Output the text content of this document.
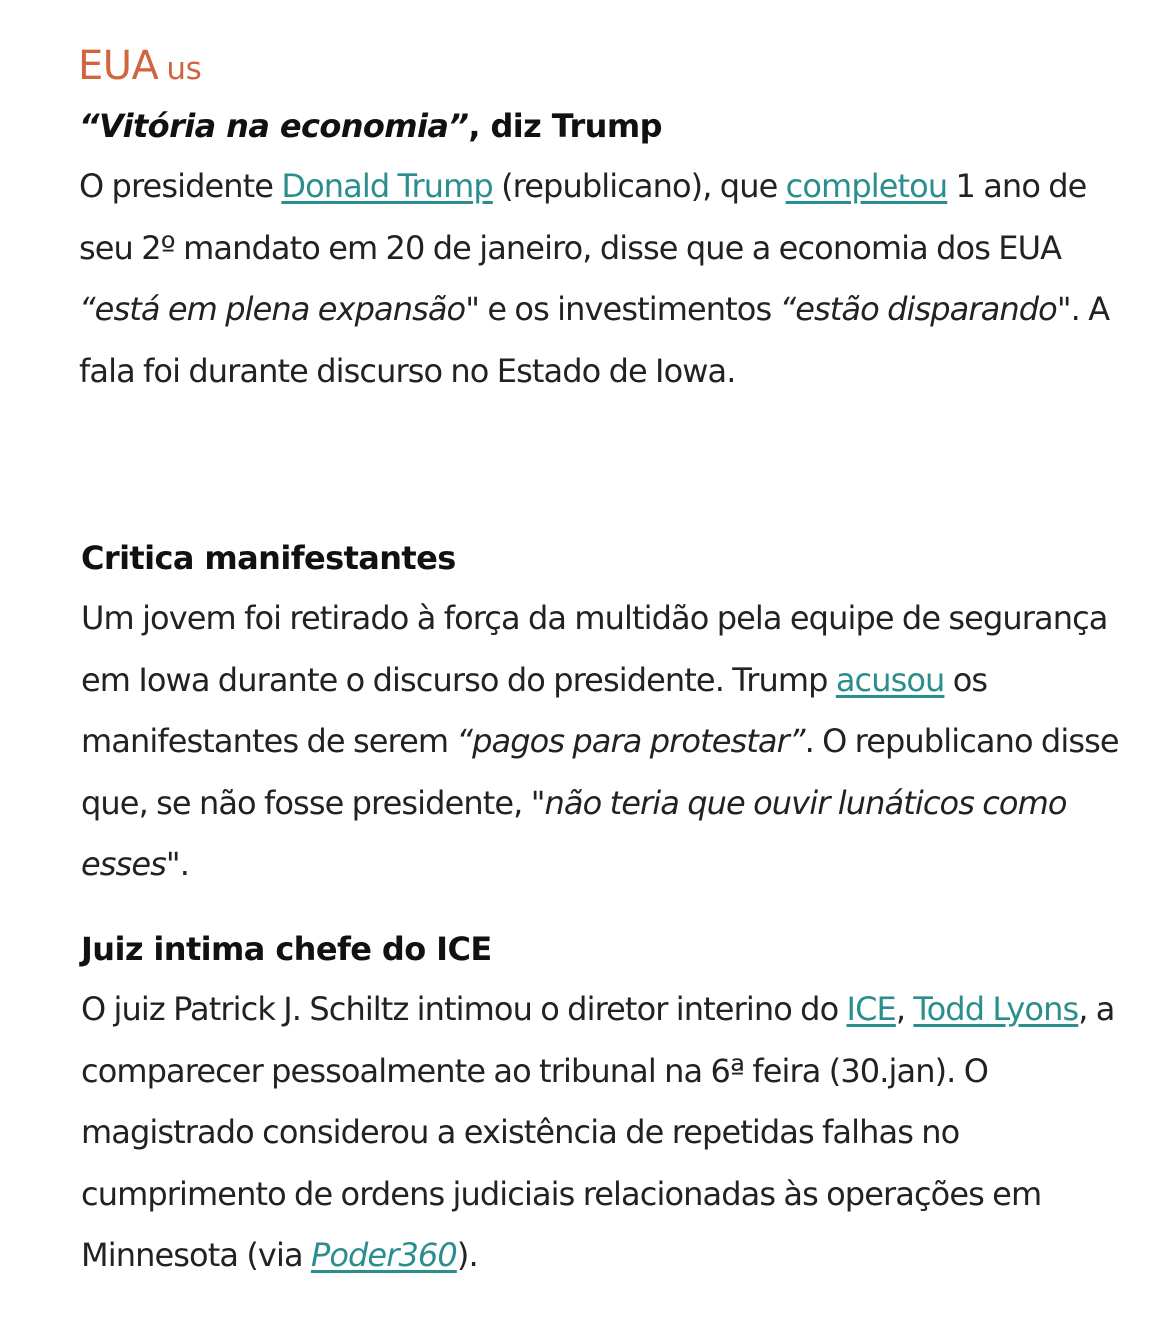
EUA us
“Vitória na economia”, diz Trump

O presidente Donald Trump (republicano), que completou 1 ano de seu 2º mandato em 20 de janeiro, disse que a economia dos EUA “está em plena expansão" e os investimentos “estão disparando". A fala foi durante discurso no Estado de Iowa.

Critica manifestantes

Um jovem foi retirado à força da multidão pela equipe de segurança em Iowa durante o discurso do presidente. Trump acusou os manifestantes de serem “pagos para protestar”. O republicano disse que, se não fosse presidente, "não teria que ouvir lunáticos como esses".

Juiz intima chefe do ICE

O juiz Patrick J. Schiltz intimou o diretor interino do ICE, Todd Lyons, a comparecer pessoalmente ao tribunal na 6ª feira (30.jan). O magistrado considerou a existência de repetidas falhas no cumprimento de ordens judiciais relacionadas às operações em Minnesota (via Poder360).
